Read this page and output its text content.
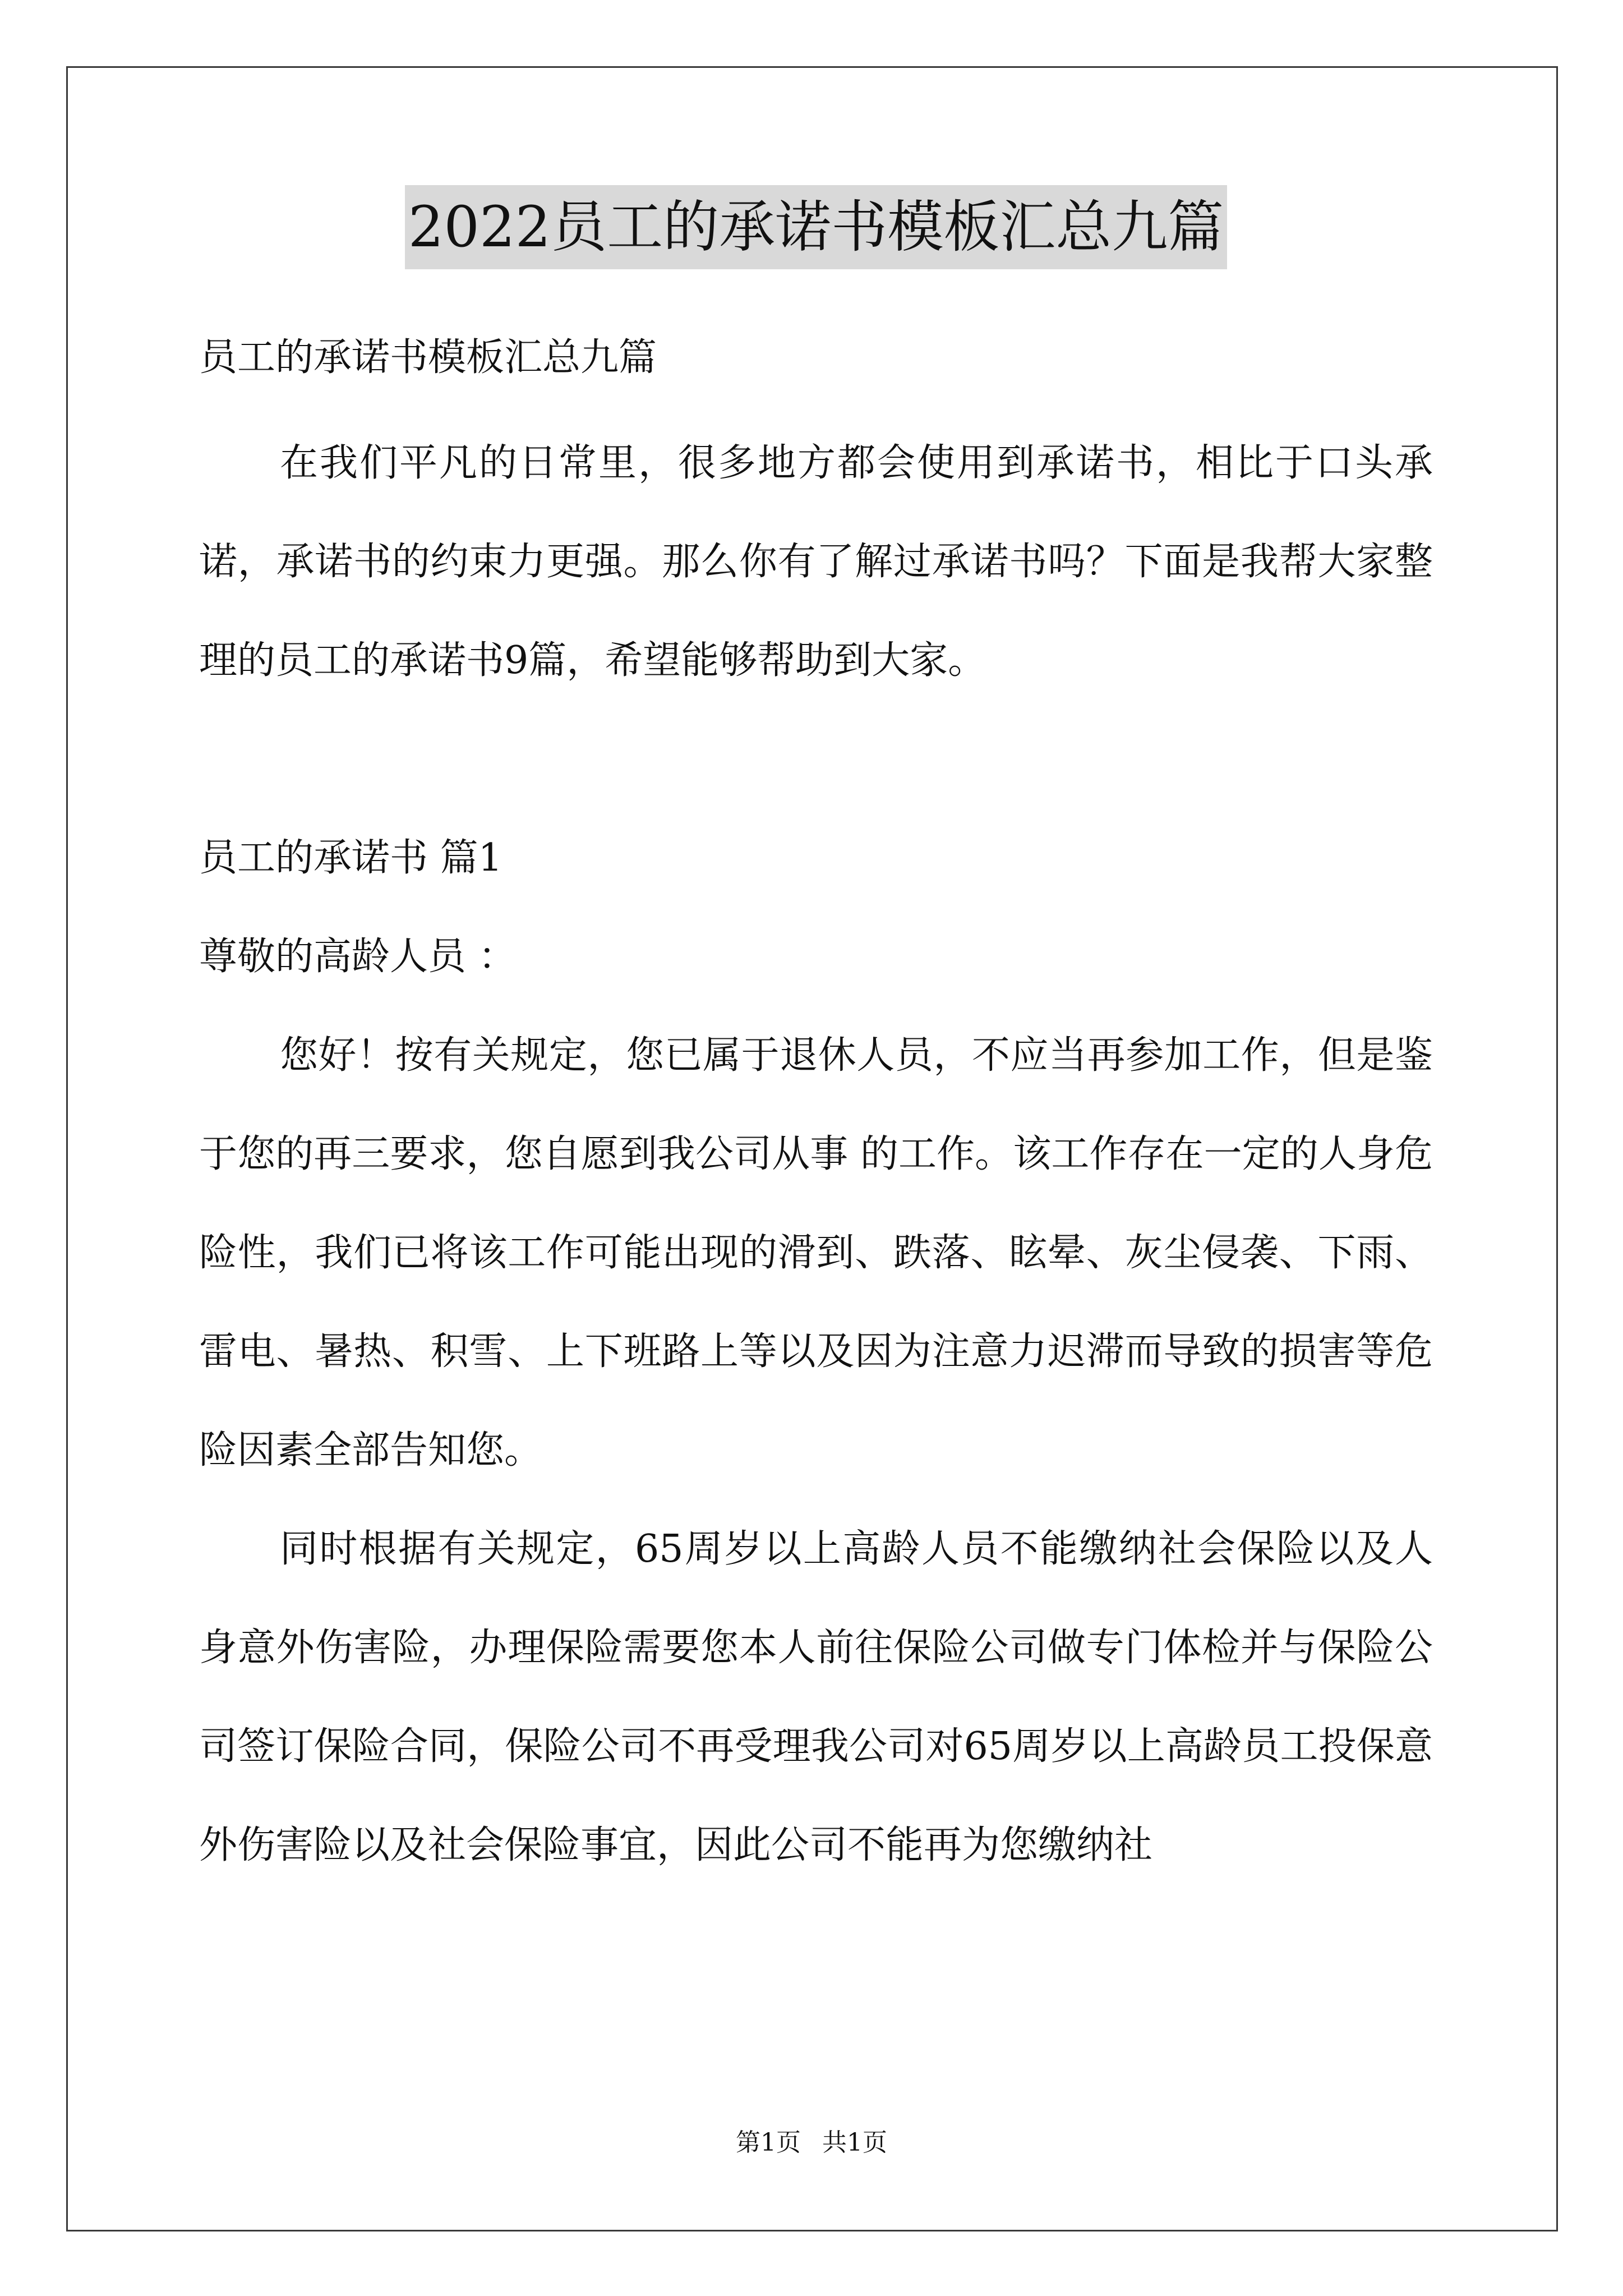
2022员工的承诺书模板汇总九篇

员工的承诺书模板汇总九篇

在我们平凡的日常里，很多地方都会使用到承诺书，相比于口头承诺，承诺书的约束力更强。那么你有了解过承诺书吗？下面是我帮大家整理的员工的承诺书9篇，希望能够帮助到大家。

员工的承诺书 篇1

尊敬的高龄人员 ：

您好！按有关规定，您已属于退休人员，不应当再参加工作，但是鉴于您的再三要求，您自愿到我公司从事 的工作。该工作存在一定的人身危险性，我们已将该工作可能出现的滑到、跌落、眩晕、灰尘侵袭、下雨、雷电、暑热、积雪、上下班路上等以及因为注意力迟滞而导致的损害等危险因素全部告知您。

同时根据有关规定，65周岁以上高龄人员不能缴纳社会保险以及人身意外伤害险，办理保险需要您本人前往保险公司做专门体检并与保险公司签订保险合同，保险公司不再受理我公司对65周岁以上高龄员工投保意外伤害险以及社会保险事宜，因此公司不能再为您缴纳社

第1页 共1页
